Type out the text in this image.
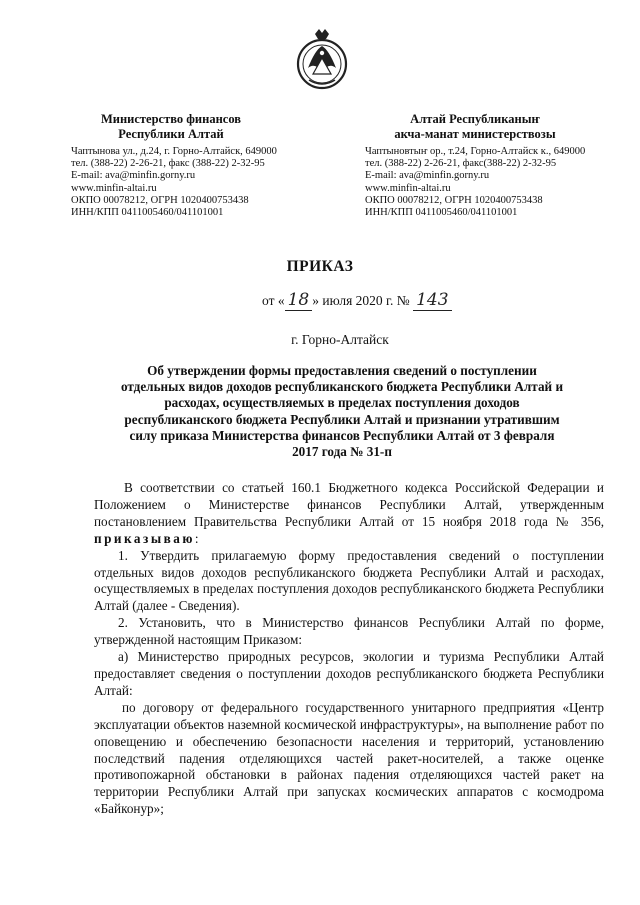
Министерство финансов
Республики Алтай
Чаптынова ул., д.24, г. Горно-Алтайск, 649000
тел. (388-22) 2-26-21, факс (388-22) 2-32-95
E-mail: ava@minfin.gorny.ru
www.minfin-altai.ru
ОКПО 00078212, ОГРН 1020400753438
ИНН/КПП 0411005460/041101001
Алтай Республиканыҥ
акча-манат министерствозы
Чаптыновтыҥ ор., т.24, Горно-Алтайск к., 649000
тел. (388-22) 2-26-21, факс(388-22) 2-32-95
E-mail: ava@minfin.gorny.ru
www.minfin-altai.ru
ОКПО 00078212, ОГРН 1020400753438
ИНН/КПП 0411005460/041101001
ПРИКАЗ
от « 18 » июля 2020 г. № 143
г. Горно-Алтайск
Об утверждении формы предоставления сведений о поступлении
отдельных видов доходов республиканского бюджета Республики Алтай и
расходах, осуществляемых в пределах поступления доходов
республиканского бюджета Республики Алтай и признании утратившим
силу приказа Министерства финансов Республики Алтай от 3 февраля
2017 года № 31-п

В соответствии со статьей 160.1 Бюджетного кодекса Российской Федерации и Положением о Министерстве финансов Республики Алтай, утвержденным постановлением Правительства Республики Алтай от 15 ноября 2018 года № 356, приказываю:

1. Утвердить прилагаемую форму предоставления сведений о поступлении отдельных видов доходов республиканского бюджета Республики Алтай и расходах, осуществляемых в пределах поступления доходов республиканского бюджета Республики Алтай (далее - Сведения).

2. Установить, что в Министерство финансов Республики Алтай по форме, утвержденной настоящим Приказом:

а) Министерство природных ресурсов, экологии и туризма Республики Алтай предоставляет сведения о поступлении доходов республиканского бюджета Республики Алтай:

по договору от федерального государственного унитарного предприятия «Центр эксплуатации объектов наземной космической инфраструктуры», на выполнение работ по оповещению и обеспечению безопасности населения и территорий, установлению последствий падения отделяющихся частей ракет-носителей, а также оценке противопожарной обстановки в районах падения отделяющихся частей ракет на территории Республики Алтай при запусках космических аппаратов с космодрома «Байконур»;
